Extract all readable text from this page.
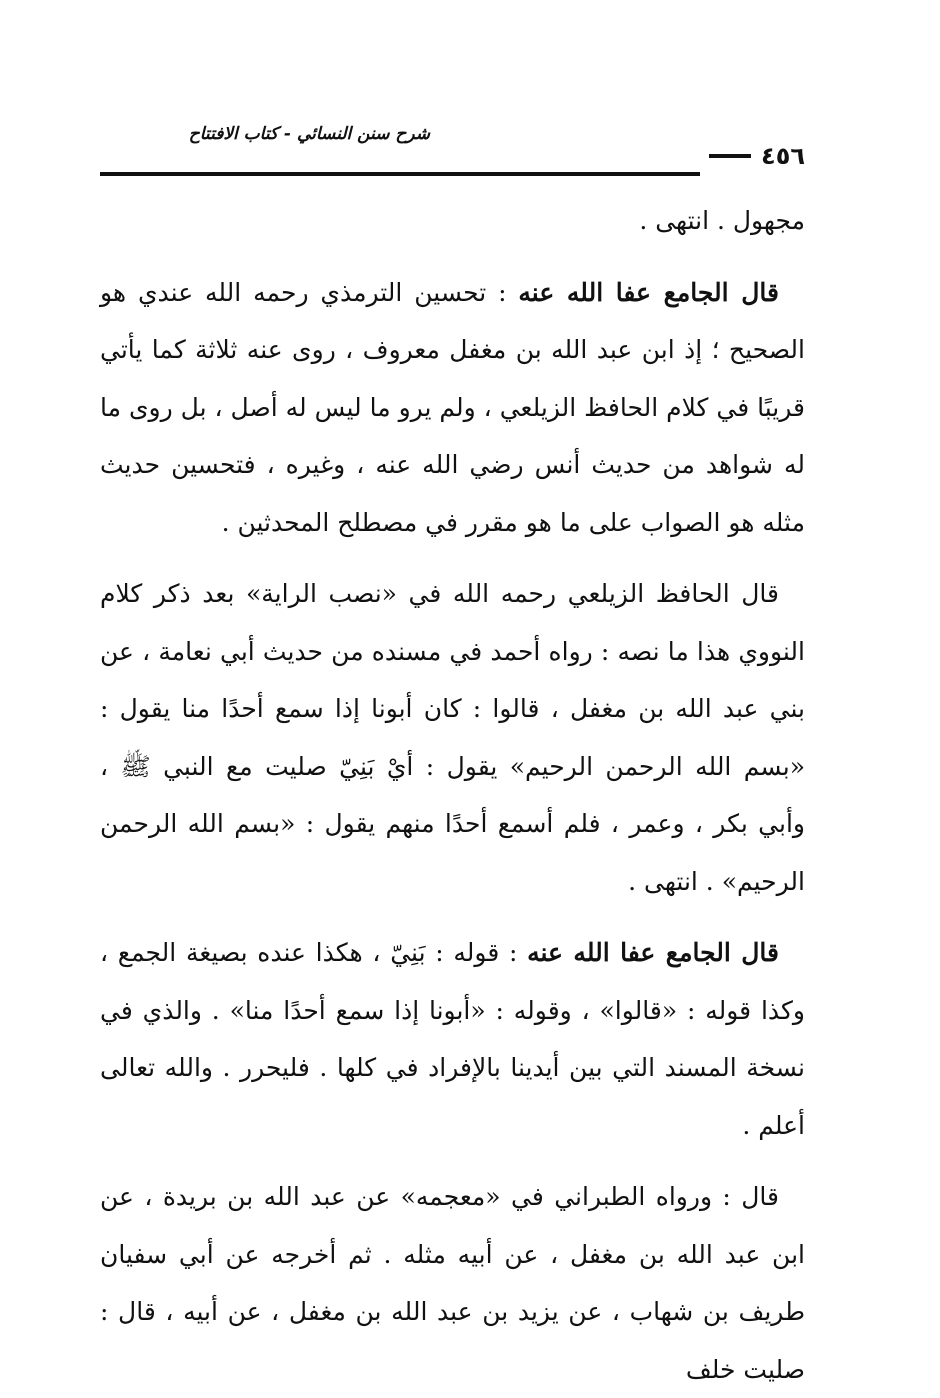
شرح سنن النسائي - كتاب الافتتاح
٤٥٦

مجهول . انتهى .

قال الجامع عفا الله عنه : تحسين الترمذي رحمه الله عندي هو الصحيح ؛ إذ ابن عبد الله بن مغفل معروف ، روى عنه ثلاثة كما يأتي قريبًا في كلام الحافظ الزيلعي ، ولم يرو ما ليس له أصل ، بل روى ما له شواهد من حديث أنس رضي الله عنه ، وغيره ، فتحسين حديث مثله هو الصواب على ما هو مقرر في مصطلح المحدثين .

قال الحافظ الزيلعي رحمه الله في «نصب الراية» بعد ذكر كلام النووي هذا ما نصه : رواه أحمد في مسنده من حديث أبي نعامة ، عن بني عبد الله بن مغفل ، قالوا : كان أبونا إذا سمع أحدًا منا يقول : «بسم الله الرحمن الرحيم» يقول : أيْ بَنِيّ صليت مع النبي ﷺ ، وأبي بكر ، وعمر ، فلم أسمع أحدًا منهم يقول : «بسم الله الرحمن الرحيم» . انتهى .

قال الجامع عفا الله عنه : قوله : بَنِيّ ، هكذا عنده بصيغة الجمع ، وكذا قوله : «قالوا» ، وقوله : «أبونا إذا سمع أحدًا منا» . والذي في نسخة المسند التي بين أيدينا بالإفراد في كلها . فليحرر . والله تعالى أعلم .

قال : ورواه الطبراني في «معجمه» عن عبد الله بن بريدة ، عن ابن عبد الله بن مغفل ، عن أبيه مثله . ثم أخرجه عن أبي سفيان طريف بن شهاب ، عن يزيد بن عبد الله بن مغفل ، عن أبيه ، قال : صليت خلف
